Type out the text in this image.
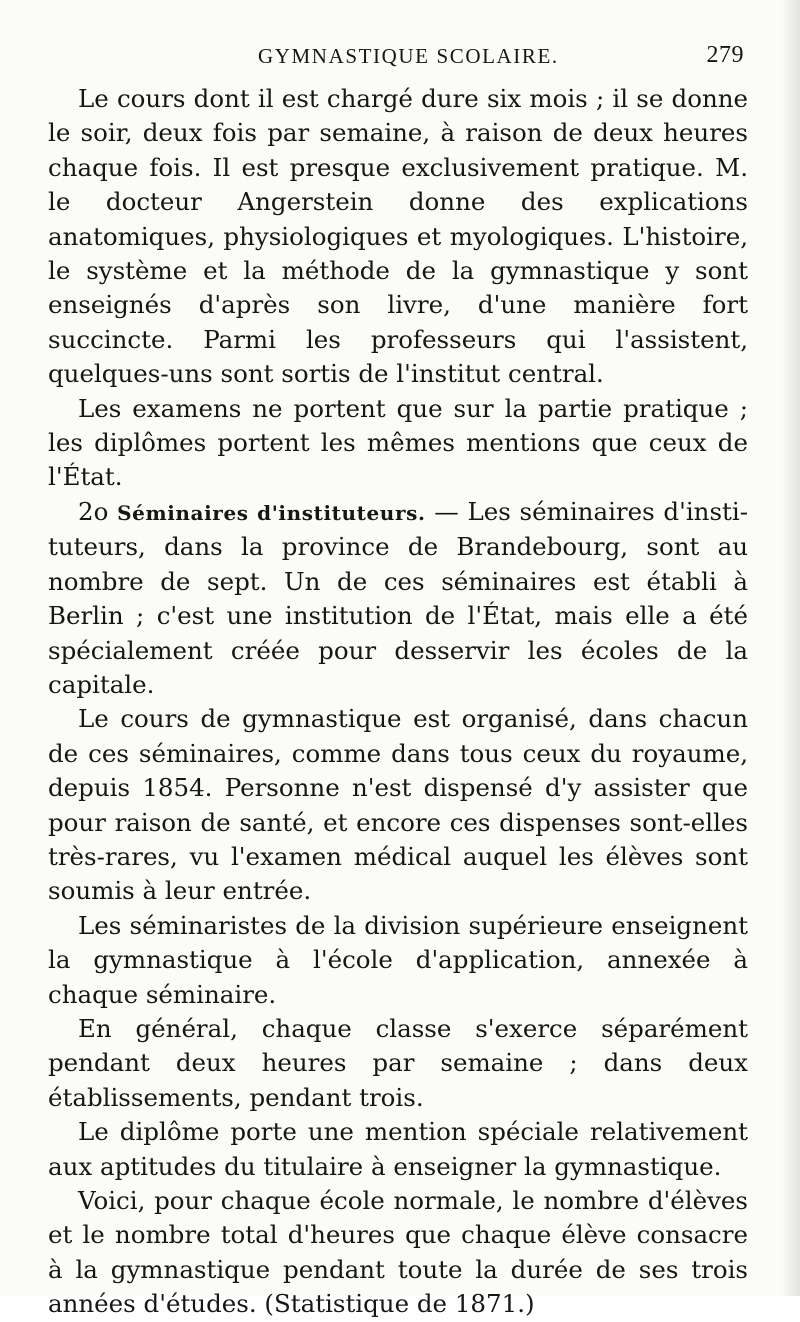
GYMNASTIQUE SCOLAIRE.	279

Le cours dont il est chargé dure six mois ; il se donne le soir, deux fois par semaine, à raison de deux heures chaque fois. Il est presque exclusivement pratique. M. le docteur Angerstein donne des explications anatomiques, physiologiques et myologiques. L'histoire, le système et la méthode de la gymnastique y sont enseignés d'après son livre, d'une manière fort succincte. Parmi les professeurs qui l'assistent, quelques-uns sont sortis de l'institut central.

Les examens ne portent que sur la partie pratique ; les diplômes portent les mêmes mentions que ceux de l'État.

2o Séminaires d'instituteurs. — Les séminaires d'instituteurs, dans la province de Brandebourg, sont au nombre de sept. Un de ces séminaires est établi à Berlin ; c'est une institution de l'État, mais elle a été spécialement créée pour desservir les écoles de la capitale.

Le cours de gymnastique est organisé, dans chacun de ces séminaires, comme dans tous ceux du royaume, depuis 1854. Personne n'est dispensé d'y assister que pour raison de santé, et encore ces dispenses sont-elles très-rares, vu l'examen médical auquel les élèves sont soumis à leur entrée.

Les séminaristes de la division supérieure enseignent la gymnastique à l'école d'application, annexée à chaque séminaire.

En général, chaque classe s'exerce séparément pendant deux heures par semaine ; dans deux établissements, pendant trois.

Le diplôme porte une mention spéciale relativement aux aptitudes du titulaire à enseigner la gymnastique.

Voici, pour chaque école normale, le nombre d'élèves et le nombre total d'heures que chaque élève consacre à la gymnastique pendant toute la durée de ses trois années d'études. (Statistique de 1871.)
